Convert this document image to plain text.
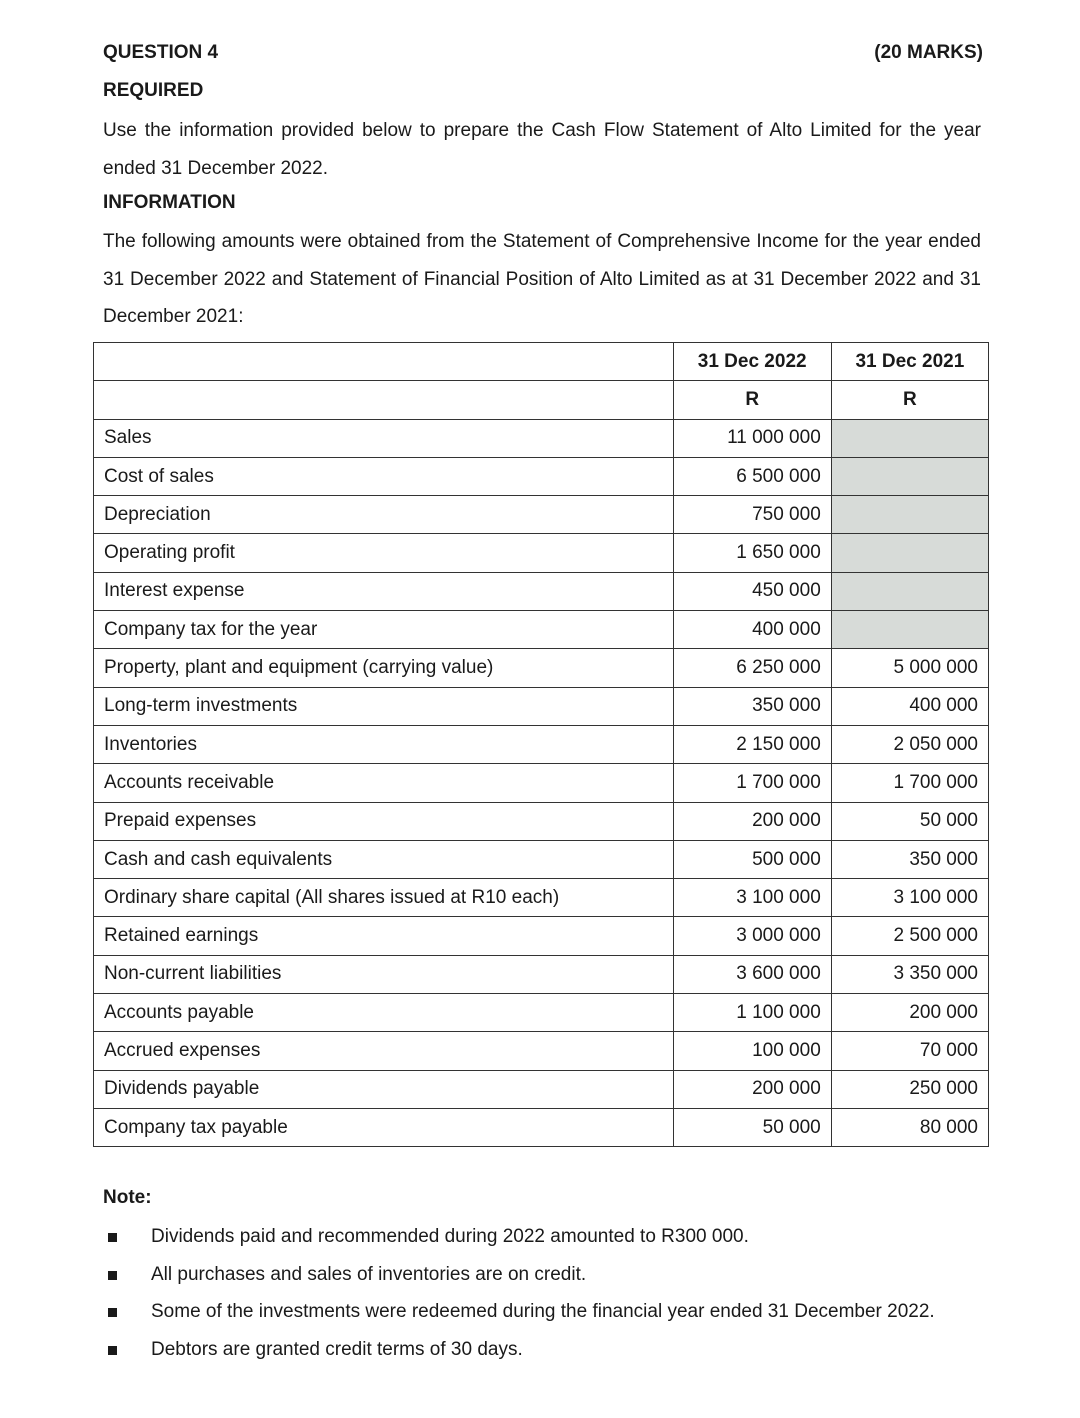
QUESTION 4	(20 MARKS)
REQUIRED
Use the information provided below to prepare the Cash Flow Statement of Alto Limited for the year ended 31 December 2022.
INFORMATION
The following amounts were obtained from the Statement of Comprehensive Income for the year ended 31 December 2022 and Statement of Financial Position of Alto Limited as at 31 December 2022 and 31 December 2021:
	31 Dec 2022	31 Dec 2021
	R	R
Sales	11 000 000	
Cost of sales	6 500 000	
Depreciation	750 000	
Operating profit	1 650 000	
Interest expense	450 000	
Company tax for the year	400 000	
Property, plant and equipment (carrying value)	6 250 000	5 000 000
Long-term investments	350 000	400 000
Inventories	2 150 000	2 050 000
Accounts receivable	1 700 000	1 700 000
Prepaid expenses	200 000	50 000
Cash and cash equivalents	500 000	350 000
Ordinary share capital (All shares issued at R10 each)	3 100 000	3 100 000
Retained earnings	3 000 000	2 500 000
Non-current liabilities	3 600 000	3 350 000
Accounts payable	1 100 000	200 000
Accrued expenses	100 000	70 000
Dividends payable	200 000	250 000
Company tax payable	50 000	80 000
Note:
Dividends paid and recommended during 2022 amounted to R300 000.
All purchases and sales of inventories are on credit.
Some of the investments were redeemed during the financial year ended 31 December 2022.
Debtors are granted credit terms of 30 days.
